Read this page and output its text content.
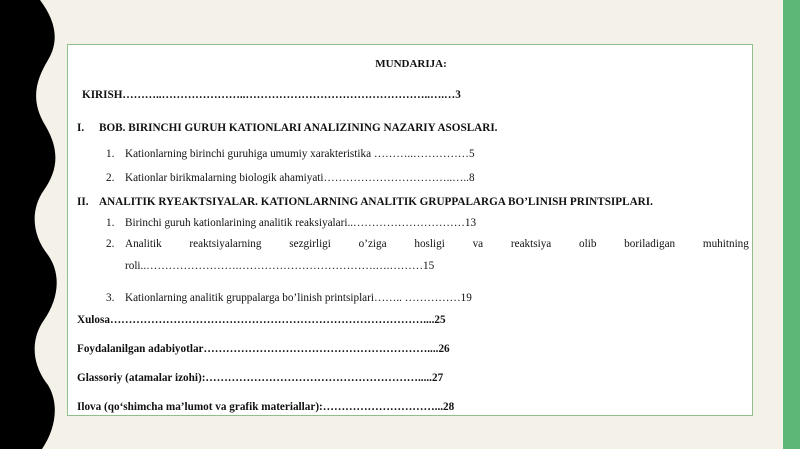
MUNDARIJA:
KIRISH………..…………………..…………………………………………..….…3
I. BOB. BIRINCHI GURUH KATIONLARI ANALIZINING NAZARIY ASOSLARI.
1. Kationlarning birinchi guruhiga umumiy xarakteristika ………..……………5
2. Kationlar birikmalarning biologik ahamiyati……………………………..…..8
II. ANALITIK RYEAKTSIYALAR. KATIONLARNING ANALITIK GRUPPALARGA BO’LINISH PRINTSIPLARI.
1. Birinchi guruh kationlarining analitik reaksiyalari..…………………………13
2. Analitik reaktsiyalarning sezgirligi o’ziga hosligi va reaktsiya olib boriladigan muhitning
roli..…………………….……………………………….….………15
3. Kationlarning analitik gruppalarga bo’linish printsiplari…….. ……………19
Xulosa…………………………………………………………………………....25
Foydalanilgan adabiyotlar……………………………………………………....26
Glassoriy (atamalar izohi):………………………………………………….....27
Ilova (qo‘shimcha ma’lumot va grafik materiallar):…………………………...28
